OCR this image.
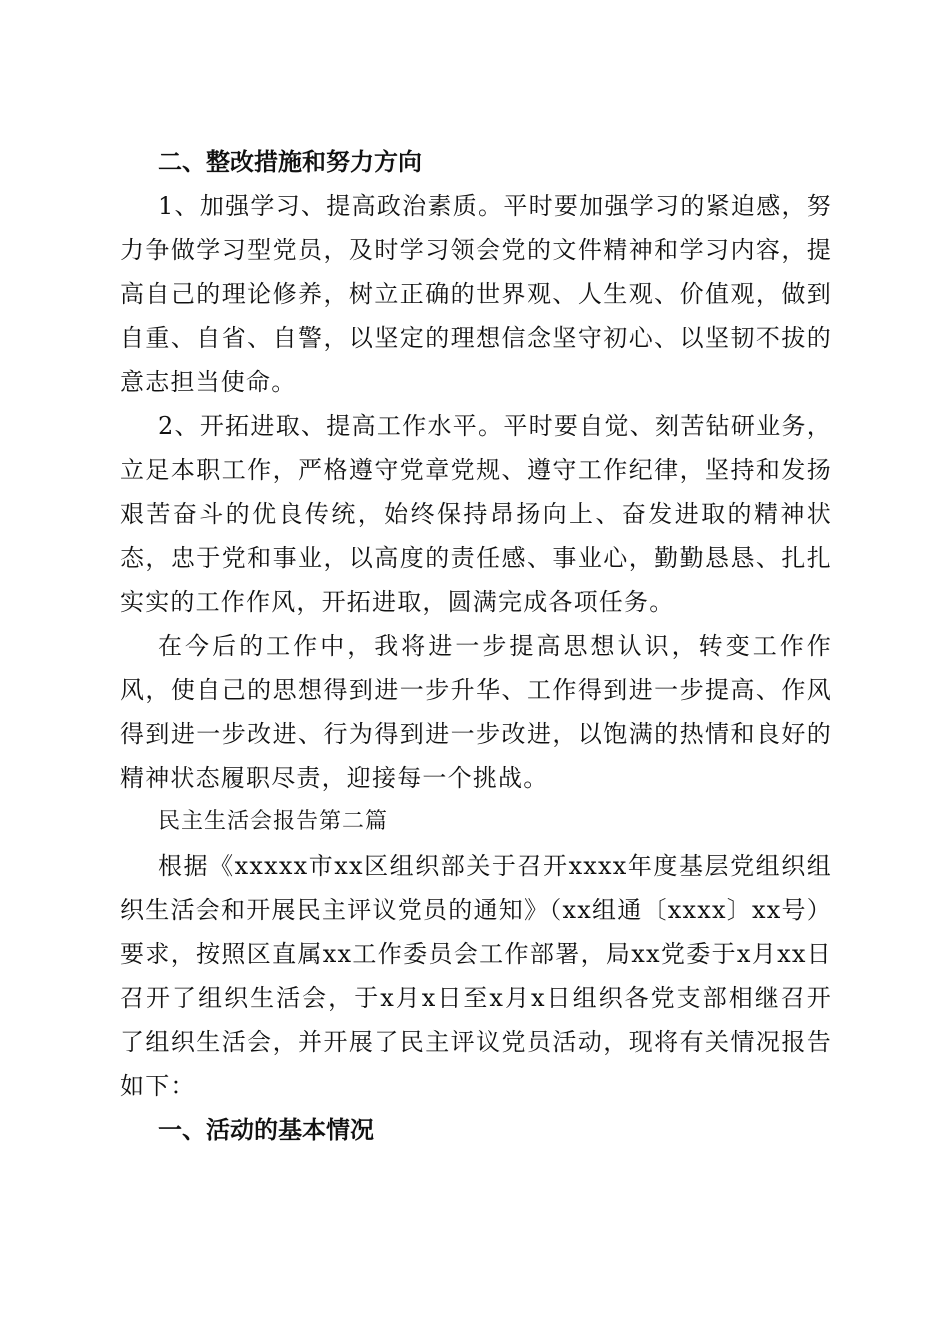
二、整改措施和努力方向

1、加强学习、提高政治素质。平时要加强学习的紧迫感，努力争做学习型党员，及时学习领会党的文件精神和学习内容，提高自己的理论修养，树立正确的世界观、人生观、价值观，做到自重、自省、自警，以坚定的理想信念坚守初心、以坚韧不拔的意志担当使命。

2、开拓进取、提高工作水平。平时要自觉、刻苦钻研业务，立足本职工作，严格遵守党章党规、遵守工作纪律，坚持和发扬艰苦奋斗的优良传统，始终保持昂扬向上、奋发进取的精神状态，忠于党和事业，以高度的责任感、事业心，勤勤恳恳、扎扎实实的工作作风，开拓进取，圆满完成各项任务。

在今后的工作中，我将进一步提高思想认识，转变工作作风，使自己的思想得到进一步升华、工作得到进一步提高、作风得到进一步改进、行为得到进一步改进，以饱满的热情和良好的精神状态履职尽责，迎接每一个挑战。

民主生活会报告第二篇

根据《xxxxx市xx区组织部关于召开xxxx年度基层党组织组织生活会和开展民主评议党员的通知》（xx组通〔xxxx〕xx号）要求，按照区直属xx工作委员会工作部署，局xx党委于x月xx日召开了组织生活会，于x月x日至x月x日组织各党支部相继召开了组织生活会，并开展了民主评议党员活动，现将有关情况报告如下：

一、活动的基本情况
